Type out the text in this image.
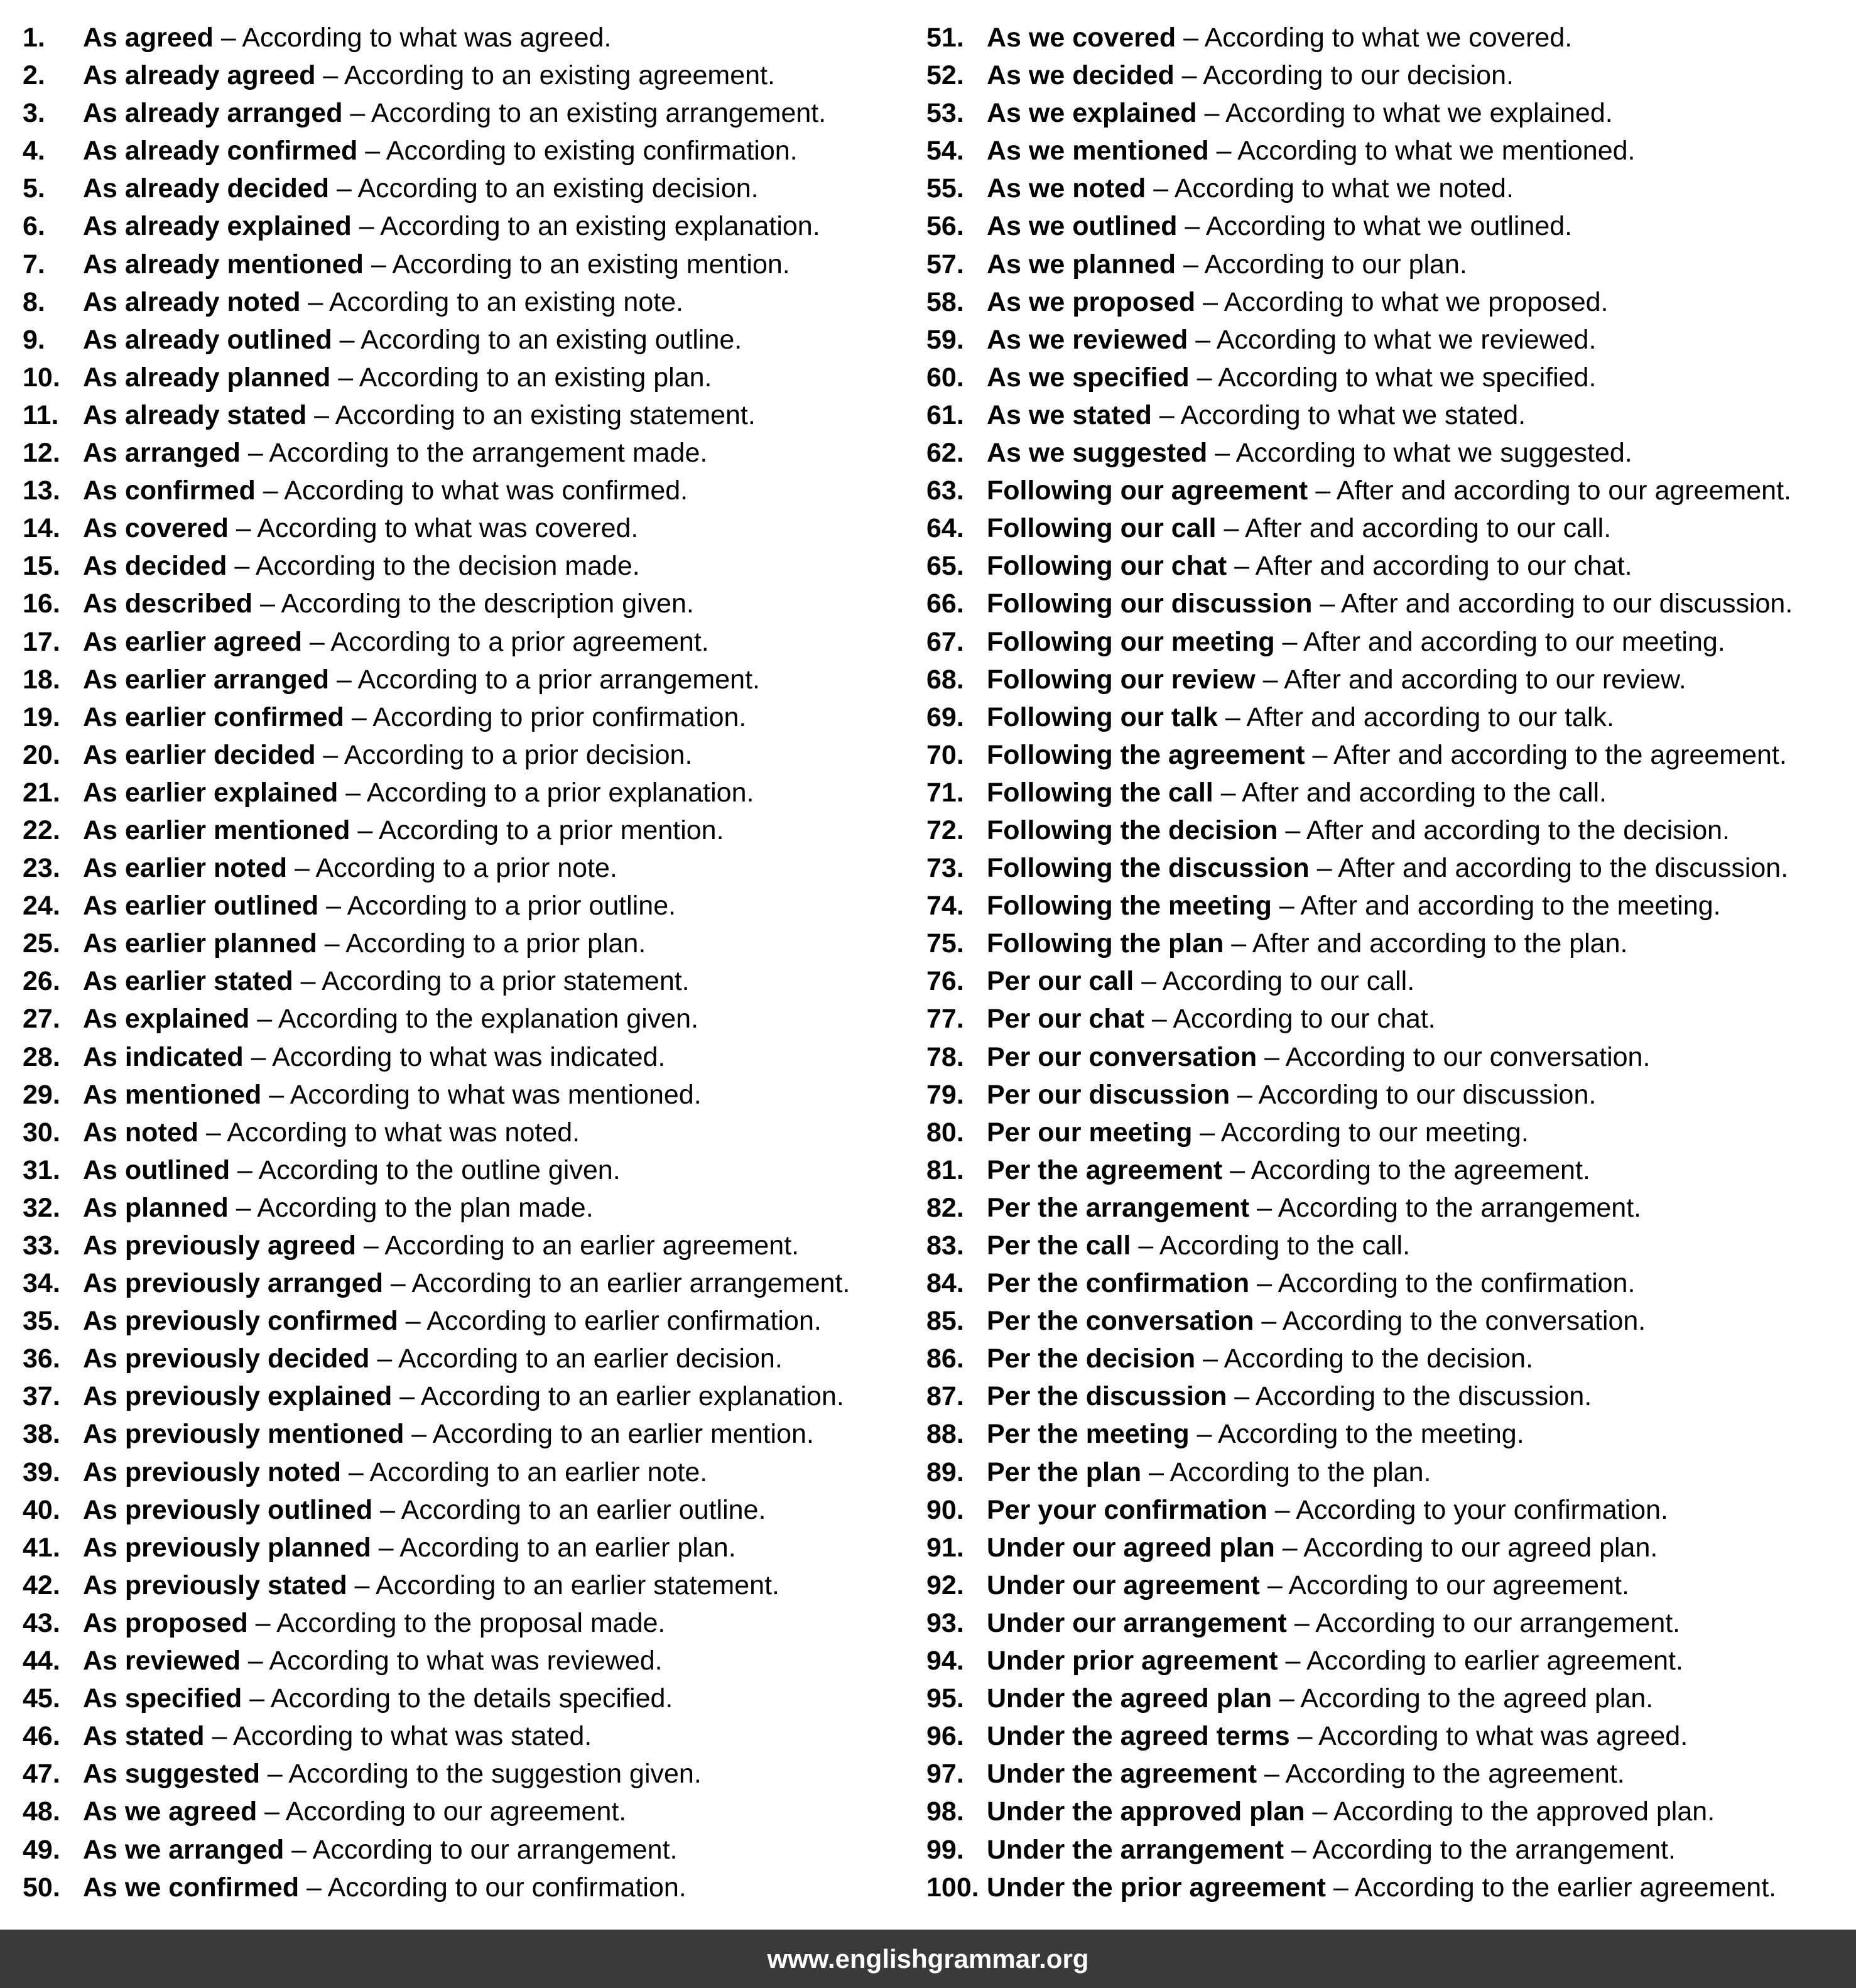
1. As agreed – According to what was agreed.
2. As already agreed – According to an existing agreement.
3. As already arranged – According to an existing arrangement.
4. As already confirmed – According to existing confirmation.
5. As already decided – According to an existing decision.
6. As already explained – According to an existing explanation.
7. As already mentioned – According to an existing mention.
8. As already noted – According to an existing note.
9. As already outlined – According to an existing outline.
10. As already planned – According to an existing plan.
11. As already stated – According to an existing statement.
12. As arranged – According to the arrangement made.
13. As confirmed – According to what was confirmed.
14. As covered – According to what was covered.
15. As decided – According to the decision made.
16. As described – According to the description given.
17. As earlier agreed – According to a prior agreement.
18. As earlier arranged – According to a prior arrangement.
19. As earlier confirmed – According to prior confirmation.
20. As earlier decided – According to a prior decision.
21. As earlier explained – According to a prior explanation.
22. As earlier mentioned – According to a prior mention.
23. As earlier noted – According to a prior note.
24. As earlier outlined – According to a prior outline.
25. As earlier planned – According to a prior plan.
26. As earlier stated – According to a prior statement.
27. As explained – According to the explanation given.
28. As indicated – According to what was indicated.
29. As mentioned – According to what was mentioned.
30. As noted – According to what was noted.
31. As outlined – According to the outline given.
32. As planned – According to the plan made.
33. As previously agreed – According to an earlier agreement.
34. As previously arranged – According to an earlier arrangement.
35. As previously confirmed – According to earlier confirmation.
36. As previously decided – According to an earlier decision.
37. As previously explained – According to an earlier explanation.
38. As previously mentioned – According to an earlier mention.
39. As previously noted – According to an earlier note.
40. As previously outlined – According to an earlier outline.
41. As previously planned – According to an earlier plan.
42. As previously stated – According to an earlier statement.
43. As proposed – According to the proposal made.
44. As reviewed – According to what was reviewed.
45. As specified – According to the details specified.
46. As stated – According to what was stated.
47. As suggested – According to the suggestion given.
48. As we agreed – According to our agreement.
49. As we arranged – According to our arrangement.
50. As we confirmed – According to our confirmation.
51. As we covered – According to what we covered.
52. As we decided – According to our decision.
53. As we explained – According to what we explained.
54. As we mentioned – According to what we mentioned.
55. As we noted – According to what we noted.
56. As we outlined – According to what we outlined.
57. As we planned – According to our plan.
58. As we proposed – According to what we proposed.
59. As we reviewed – According to what we reviewed.
60. As we specified – According to what we specified.
61. As we stated – According to what we stated.
62. As we suggested – According to what we suggested.
63. Following our agreement – After and according to our agreement.
64. Following our call – After and according to our call.
65. Following our chat – After and according to our chat.
66. Following our discussion – After and according to our discussion.
67. Following our meeting – After and according to our meeting.
68. Following our review – After and according to our review.
69. Following our talk – After and according to our talk.
70. Following the agreement – After and according to the agreement.
71. Following the call – After and according to the call.
72. Following the decision – After and according to the decision.
73. Following the discussion – After and according to the discussion.
74. Following the meeting – After and according to the meeting.
75. Following the plan – After and according to the plan.
76. Per our call – According to our call.
77. Per our chat – According to our chat.
78. Per our conversation – According to our conversation.
79. Per our discussion – According to our discussion.
80. Per our meeting – According to our meeting.
81. Per the agreement – According to the agreement.
82. Per the arrangement – According to the arrangement.
83. Per the call – According to the call.
84. Per the confirmation – According to the confirmation.
85. Per the conversation – According to the conversation.
86. Per the decision – According to the decision.
87. Per the discussion – According to the discussion.
88. Per the meeting – According to the meeting.
89. Per the plan – According to the plan.
90. Per your confirmation – According to your confirmation.
91. Under our agreed plan – According to our agreed plan.
92. Under our agreement – According to our agreement.
93. Under our arrangement – According to our arrangement.
94. Under prior agreement – According to earlier agreement.
95. Under the agreed plan – According to the agreed plan.
96. Under the agreed terms – According to what was agreed.
97. Under the agreement – According to the agreement.
98. Under the approved plan – According to the approved plan.
99. Under the arrangement – According to the arrangement.
100. Under the prior agreement – According to the earlier agreement.
www.englishgrammar.org
